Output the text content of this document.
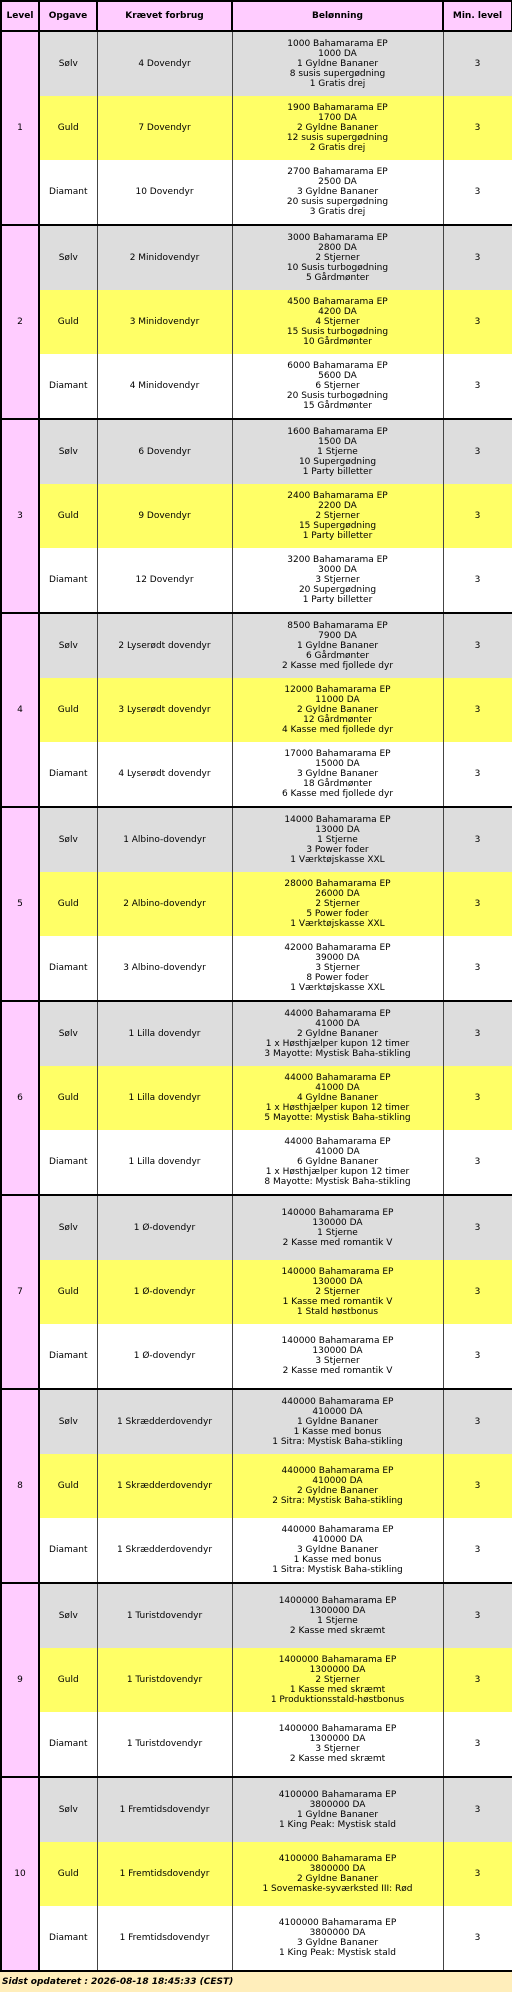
Level	Opgave	Krævet forbrug	Belønning	Min. level
1	Sølv	4 Dovendyr	1000 Bahamarama EP
1000 DA
1 Gyldne Bananer
8 susis supergødning
1 Gratis drej	3
	Guld	7 Dovendyr	1900 Bahamarama EP
1700 DA
2 Gyldne Bananer
12 susis supergødning
2 Gratis drej	3
	Diamant	10 Dovendyr	2700 Bahamarama EP
2500 DA
3 Gyldne Bananer
20 susis supergødning
3 Gratis drej	3
2	Sølv	2 Minidovendyr	3000 Bahamarama EP
2800 DA
2 Stjerner
10 Susis turbogødning
5 Gårdmønter	3
	Guld	3 Minidovendyr	4500 Bahamarama EP
4200 DA
4 Stjerner
15 Susis turbogødning
10 Gårdmønter	3
	Diamant	4 Minidovendyr	6000 Bahamarama EP
5600 DA
6 Stjerner
20 Susis turbogødning
15 Gårdmønter	3
3	Sølv	6 Dovendyr	1600 Bahamarama EP
1500 DA
1 Stjerne
10 Supergødning
1 Party billetter	3
	Guld	9 Dovendyr	2400 Bahamarama EP
2200 DA
2 Stjerner
15 Supergødning
1 Party billetter	3
	Diamant	12 Dovendyr	3200 Bahamarama EP
3000 DA
3 Stjerner
20 Supergødning
1 Party billetter	3
4	Sølv	2 Lyserødt dovendyr	8500 Bahamarama EP
7900 DA
1 Gyldne Bananer
6 Gårdmønter
2 Kasse med fjollede dyr	3
	Guld	3 Lyserødt dovendyr	12000 Bahamarama EP
11000 DA
2 Gyldne Bananer
12 Gårdmønter
4 Kasse med fjollede dyr	3
	Diamant	4 Lyserødt dovendyr	17000 Bahamarama EP
15000 DA
3 Gyldne Bananer
18 Gårdmønter
6 Kasse med fjollede dyr	3
5	Sølv	1 Albino-dovendyr	14000 Bahamarama EP
13000 DA
1 Stjerne
3 Power foder
1 Værktøjskasse XXL	3
	Guld	2 Albino-dovendyr	28000 Bahamarama EP
26000 DA
2 Stjerner
5 Power foder
1 Værktøjskasse XXL	3
	Diamant	3 Albino-dovendyr	42000 Bahamarama EP
39000 DA
3 Stjerner
8 Power foder
1 Værktøjskasse XXL	3
6	Sølv	1 Lilla dovendyr	44000 Bahamarama EP
41000 DA
2 Gyldne Bananer
1 x Høsthjælper kupon 12 timer
3 Mayotte: Mystisk Baha-stikling	3
	Guld	1 Lilla dovendyr	44000 Bahamarama EP
41000 DA
4 Gyldne Bananer
1 x Høsthjælper kupon 12 timer
5 Mayotte: Mystisk Baha-stikling	3
	Diamant	1 Lilla dovendyr	44000 Bahamarama EP
41000 DA
6 Gyldne Bananer
1 x Høsthjælper kupon 12 timer
8 Mayotte: Mystisk Baha-stikling	3
7	Sølv	1 Ø-dovendyr	140000 Bahamarama EP
130000 DA
1 Stjerne
2 Kasse med romantik V	3
	Guld	1 Ø-dovendyr	140000 Bahamarama EP
130000 DA
2 Stjerner
1 Kasse med romantik V
1 Stald høstbonus	3
	Diamant	1 Ø-dovendyr	140000 Bahamarama EP
130000 DA
3 Stjerner
2 Kasse med romantik V	3
8	Sølv	1 Skrædderdovendyr	440000 Bahamarama EP
410000 DA
1 Gyldne Bananer
1 Kasse med bonus
1 Sitra: Mystisk Baha-stikling	3
	Guld	1 Skrædderdovendyr	440000 Bahamarama EP
410000 DA
2 Gyldne Bananer
2 Sitra: Mystisk Baha-stikling	3
	Diamant	1 Skrædderdovendyr	440000 Bahamarama EP
410000 DA
3 Gyldne Bananer
1 Kasse med bonus
1 Sitra: Mystisk Baha-stikling	3
9	Sølv	1 Turistdovendyr	1400000 Bahamarama EP
1300000 DA
1 Stjerne
2 Kasse med skræmt	3
	Guld	1 Turistdovendyr	1400000 Bahamarama EP
1300000 DA
2 Stjerner
1 Kasse med skræmt
1 Produktionsstald-høstbonus	3
	Diamant	1 Turistdovendyr	1400000 Bahamarama EP
1300000 DA
3 Stjerner
2 Kasse med skræmt	3
10	Sølv	1 Fremtidsdovendyr	4100000 Bahamarama EP
3800000 DA
1 Gyldne Bananer
1 King Peak: Mystisk stald	3
	Guld	1 Fremtidsdovendyr	4100000 Bahamarama EP
3800000 DA
2 Gyldne Bananer
1 Sovemaske-syværksted III: Rød	3
	Diamant	1 Fremtidsdovendyr	4100000 Bahamarama EP
3800000 DA
3 Gyldne Bananer
1 King Peak: Mystisk stald	3
Sidst opdateret : 2026-08-18 18:45:33 (CEST)
